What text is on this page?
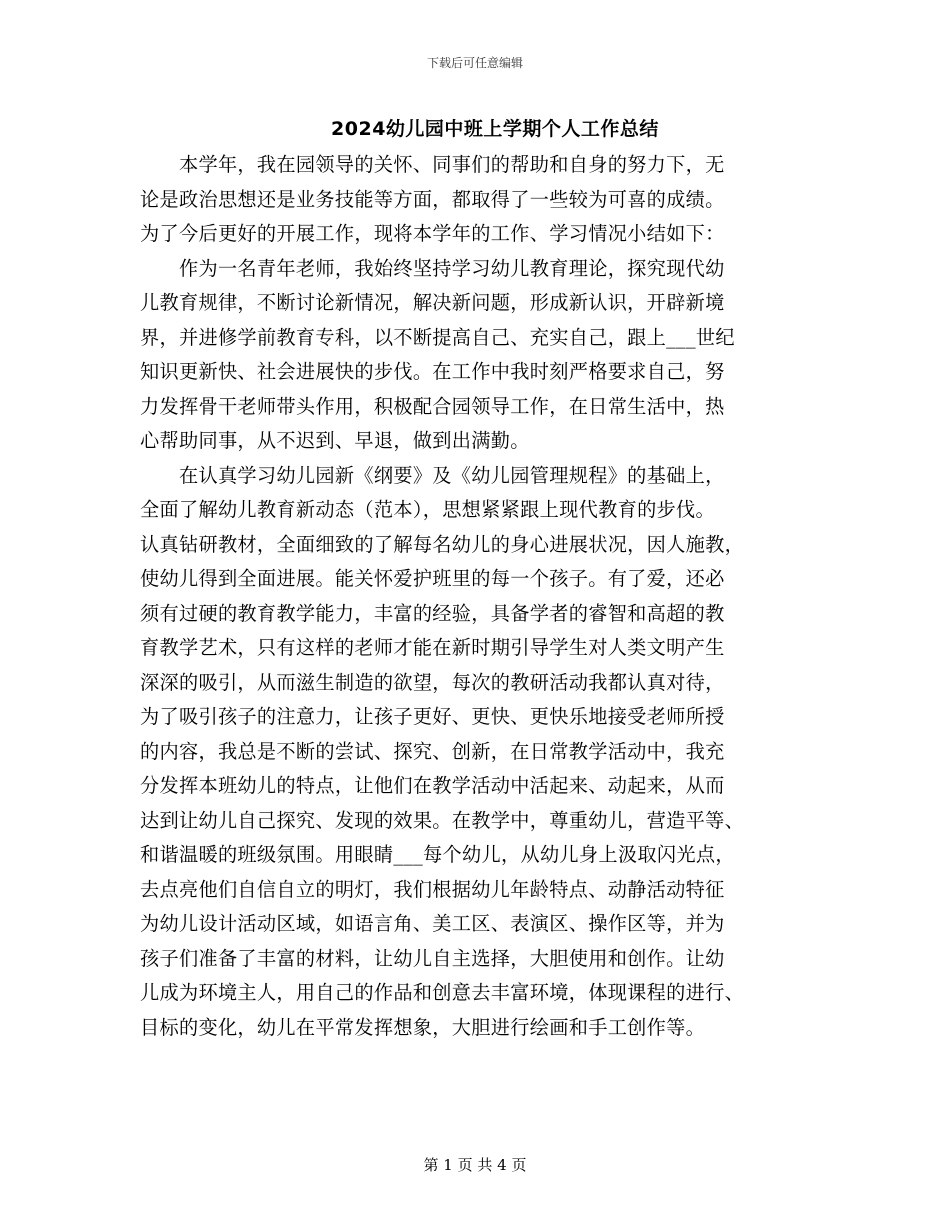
下载后可任意编辑
2024幼儿园中班上学期个人工作总结
　　本学年，我在园领导的关怀、同事们的帮助和自身的努力下，无
论是政治思想还是业务技能等方面，都取得了一些较为可喜的成绩。
为了今后更好的开展工作，现将本学年的工作、学习情况小结如下：
　　作为一名青年老师，我始终坚持学习幼儿教育理论，探究现代幼
儿教育规律，不断讨论新情况，解决新问题，形成新认识，开辟新境
界，并进修学前教育专科，以不断提高自己、充实自己，跟上___世纪
知识更新快、社会进展快的步伐。在工作中我时刻严格要求自己，努
力发挥骨干老师带头作用，积极配合园领导工作，在日常生活中，热
心帮助同事，从不迟到、早退，做到出满勤。
　　在认真学习幼儿园新《纲要》及《幼儿园管理规程》的基础上，
全面了解幼儿教育新动态（范本），思想紧紧跟上现代教育的步伐。
认真钻研教材，全面细致的了解每名幼儿的身心进展状况，因人施教，
使幼儿得到全面进展。能关怀爱护班里的每一个孩子。有了爱，还必
须有过硬的教育教学能力，丰富的经验，具备学者的睿智和高超的教
育教学艺术，只有这样的老师才能在新时期引导学生对人类文明产生
深深的吸引，从而滋生制造的欲望，每次的教研活动我都认真对待，
为了吸引孩子的注意力，让孩子更好、更快、更快乐地接受老师所授
的内容，我总是不断的尝试、探究、创新，在日常教学活动中，我充
分发挥本班幼儿的特点，让他们在教学活动中活起来、动起来，从而
达到让幼儿自己探究、发现的效果。在教学中，尊重幼儿，营造平等、
和谐温暖的班级氛围。用眼睛___每个幼儿，从幼儿身上汲取闪光点，
去点亮他们自信自立的明灯，我们根据幼儿年龄特点、动静活动特征
为幼儿设计活动区域，如语言角、美工区、表演区、操作区等，并为
孩子们准备了丰富的材料，让幼儿自主选择，大胆使用和创作。让幼
儿成为环境主人，用自己的作品和创意去丰富环境，体现课程的进行、
目标的变化，幼儿在平常发挥想象，大胆进行绘画和手工创作等。
第 1 页 共 4 页
